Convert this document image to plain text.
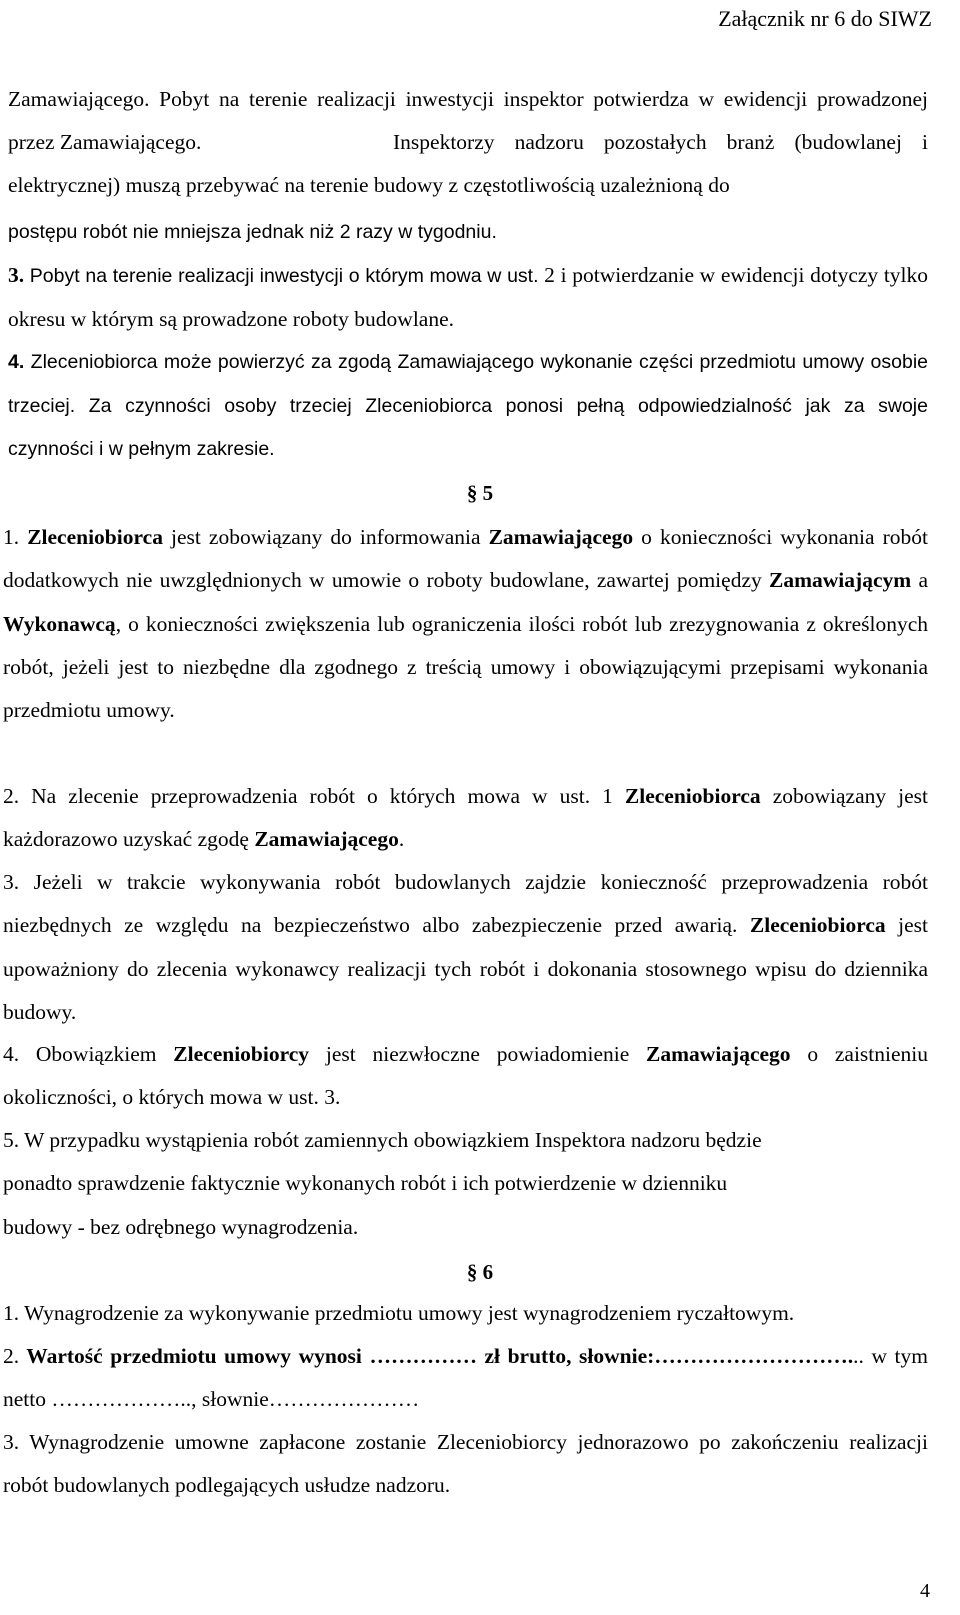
Załącznik nr 6 do SIWZ

Zamawiającego. Pobyt na terenie realizacji inwestycji inspektor potwierdza w ewidencji prowadzonej przez Zamawiającego.	Inspektorzy nadzoru pozostałych branż (budowlanej i elektrycznej) muszą przebywać na terenie budowy z częstotliwością uzależnioną do

postępu robót nie mniejsza jednak niż 2 razy w tygodniu.

3. Pobyt na terenie realizacji inwestycji o którym mowa w ust. 2 i potwierdzanie w ewidencji dotyczy tylko okresu w którym są prowadzone roboty budowlane.

4. Zleceniobiorca może powierzyć za zgodą Zamawiającego wykonanie części przedmiotu umowy osobie trzeciej. Za czynności osoby trzeciej Zleceniobiorca ponosi pełną odpowiedzialność jak za swoje czynności i w pełnym zakresie.

§ 5

1. Zleceniobiorca jest zobowiązany do informowania Zamawiającego o konieczności wykonania robót dodatkowych nie uwzględnionych w umowie o roboty budowlane, zawartej pomiędzy Zamawiającym a Wykonawcą, o konieczności zwiększenia lub ograniczenia ilości robót lub zrezygnowania z określonych robót, jeżeli jest to niezbędne dla zgodnego z treścią umowy i obowiązującymi przepisami wykonania przedmiotu umowy.

2. Na zlecenie przeprowadzenia robót o których mowa w ust. 1 Zleceniobiorca zobowiązany jest każdorazowo uzyskać zgodę Zamawiającego.

3. Jeżeli w trakcie wykonywania robót budowlanych zajdzie konieczność przeprowadzenia robót niezbędnych ze względu na bezpieczeństwo albo zabezpieczenie przed awarią. Zleceniobiorca jest upoważniony do zlecenia wykonawcy realizacji tych robót i dokonania stosownego wpisu do dziennika budowy.

4. Obowiązkiem Zleceniobiorcy jest niezwłoczne powiadomienie Zamawiającego o zaistnieniu okoliczności, o których mowa w ust. 3.

5. W przypadku wystąpienia robót zamiennych obowiązkiem Inspektora nadzoru będzie
ponadto sprawdzenie faktycznie wykonanych robót i ich potwierdzenie w dzienniku
budowy - bez odrębnego wynagrodzenia.
§ 6

1. Wynagrodzenie za wykonywanie przedmiotu umowy jest wynagrodzeniem ryczałtowym.

2. Wartość przedmiotu umowy wynosi …………… zł brutto, słownie:………………………... w tym netto ……………….., słownie…………………

3. Wynagrodzenie umowne zapłacone zostanie Zleceniobiorcy jednorazowo po zakończeniu realizacji robót budowlanych podlegających usłudze nadzoru.

4
